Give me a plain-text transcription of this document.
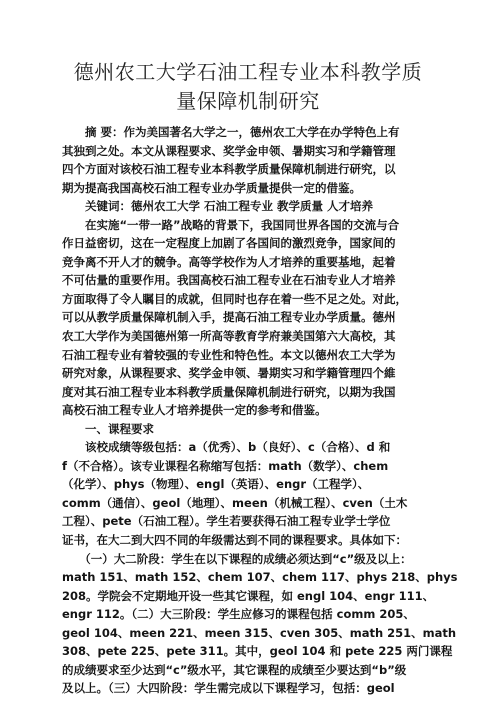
德州农工大学石油工程专业本科教学质
量保障机制研究
　　摘 要：作为美国著名大学之一，德州农工大学在办学特色上有
其独到之处。本文从课程要求、奖学金申领、暑期实习和学籍管理
四个方面对该校石油工程专业本科教学质量保障机制进行研究，以
期为提高我国高校石油工程专业办学质量提供一定的借鉴。
　　关键词：德州农工大学 石油工程专业 教学质量 人才培养
　　在实施“一带一路”战略的背景下，我国同世界各国的交流与合
作日益密切，这在一定程度上加剧了各国间的激烈竞争，国家间的
竞争离不开人才的競争。高等学校作为人才培养的重要基地，起着
不可估量的重要作用。我国高校石油工程专业在石油专业人才培养
方面取得了令人瞩目的成就，但同时也存在着一些不足之处。对此，
可以从教学质量保障机制入手，提高石油工程专业办学质量。德州
农工大学作为美国德州第一所高等教育学府兼美国第六大高校，其
石油工程专业有着较强的专业性和特色性。本文以德州农工大学为
研究对象，从课程要求、奖学金申领、暑期实习和学籍管理四个維
度对其石油工程专业本科教学质量保障机制进行研究，以期为我国
高校石油工程专业人才培养提供一定的参考和借鉴。
　　一、课程要求
　　该校成绩等级包括：a（优秀）、b（良好）、c（合格）、d 和
f（不合格）。该专业课程名称缩写包括：math（数学）、chem
（化学）、phys（物理）、engl（英语）、engr（工程学）、
comm（通信）、geol（地理）、meen（机械工程）、cven（土木
工程）、pete（石油工程）。学生若要获得石油工程专业学士学位
证书，在大二到大四不同的年级需达到不同的课程要求。具体如下：
　　（一）大二阶段：学生在以下课程的成绩必须达到“c”级及以上：
math 151、math 152、chem 107、chem 117、phys 218、phys
208。学院会不定期地开设一些其它课程，如 engl 104、engr 111、
engr 112。（二）大三阶段：学生应修习的课程包括 comm 205、
geol 104、meen 221、meen 315、cven 305、math 251、math
308、pete 225、pete 311。其中，geol 104 和 pete 225 两门课程
的成绩要求至少达到“c”级水平，其它课程的成绩至少要达到“b”级
及以上。（三）大四阶段：学生需完成以下课程学习，包括：geol
